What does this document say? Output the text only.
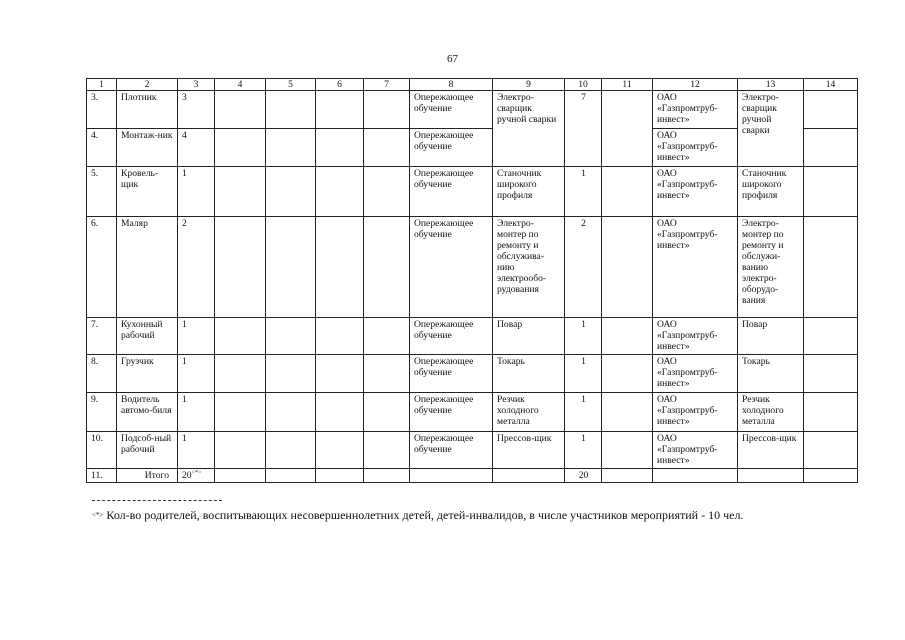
67
1	2	3	4	5	6	7	8	9	10	11	12	13	14
3.	Плотник	3					Опережающее обучение	Электро-сварщик ручной сварки	7		ОАО «Газпромтруб-инвест»	Электро-сварщик ручной сварки	
4.	Монтаж-ник	4					Опережающее обучение				ОАО «Газпромтруб-инвест»		
5.	Кровель-щик	1					Опережающее обучение	Станочник широкого профиля	1		ОАО «Газпромтруб-инвест»	Станочник широкого профиля	
6.	Маляр	2					Опережающее обучение	Электро-монтер по ремонту и обслужива-нию электрообо-рудования	2		ОАО «Газпромтруб-инвест»	Электро-монтер по ремонту и обслужи-ванию электро-оборудо-вания	
7.	Кухонный рабочий	1					Опережающее обучение	Повар	1		ОАО «Газпромтруб-инвест»	Повар	
8.	Грузчик	1					Опережающее обучение	Токарь	1		ОАО «Газпромтруб-инвест»	Токарь	
9.	Водитель автомо-биля	1					Опережающее обучение	Резчик холодного металла	1		ОАО «Газпромтруб-инвест»	Резчик холодного металла	
10.	Подсоб-ный рабочий	1					Опережающее обучение	Прессов-щик	1		ОАО «Газпромтруб-инвест»	Прессов-щик	
11.	Итого	20<*>							20				
<*> Кол-во родителей, воспитывающих несовершеннолетних детей, детей-инвалидов, в числе участников мероприятий - 10 чел.
